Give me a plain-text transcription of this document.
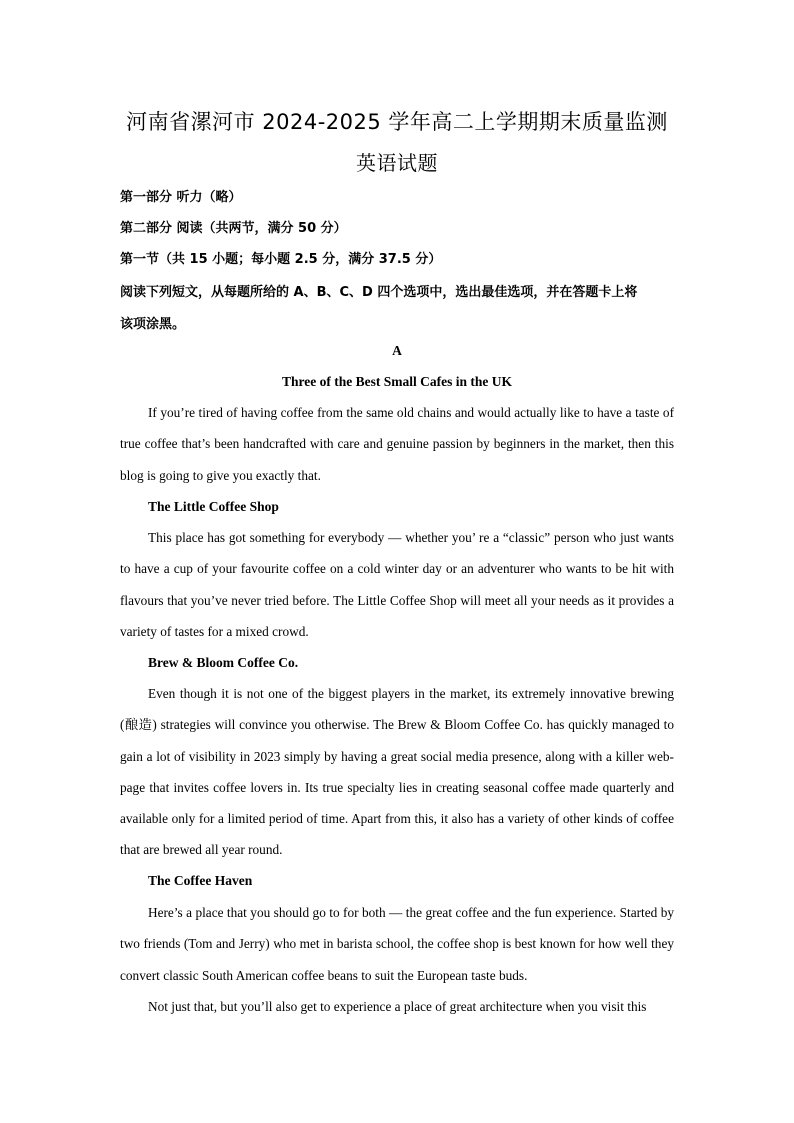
河南省漯河市 2024-2025 学年高二上学期期末质量监测
英语试题
第一部分 听力（略）
第二部分 阅读（共两节，满分 50 分）
第一节（共 15 小题；每小题 2.5 分，满分 37.5 分）
阅读下列短文，从每题所给的 A、B、C、D 四个选项中，选出最佳选项，并在答题卡上将
该项涂黑。
A
Three of the Best Small Cafes in the UK
If you’re tired of having coffee from the same old chains and would actually like to have a taste of true coffee that’s been handcrafted with care and genuine passion by beginners in the market, then this blog is going to give you exactly that.
The Little Coffee Shop
This place has got something for everybody — whether you’ re a “classic” person who just wants to have a cup of your favourite coffee on a cold winter day or an adventurer who wants to be hit with flavours that you’ve never tried before. The Little Coffee Shop will meet all your needs as it provides a variety of tastes for a mixed crowd.
Brew & Bloom Coffee Co.
Even though it is not one of the biggest players in the market, its extremely innovative brewing (酿造) strategies will convince you otherwise. The Brew & Bloom Coffee Co. has quickly managed to gain a lot of visibility in 2023 simply by having a great social media presence, along with a killer web-page that invites coffee lovers in. Its true specialty lies in creating seasonal coffee made quarterly and available only for a limited period of time. Apart from this, it also has a variety of other kinds of coffee that are brewed all year round.
The Coffee Haven
Here’s a place that you should go to for both — the great coffee and the fun experience. Started by two friends (Tom and Jerry) who met in barista school, the coffee shop is best known for how well they convert classic South American coffee beans to suit the European taste buds.
Not just that, but you’ll also get to experience a place of great architecture when you visit this
